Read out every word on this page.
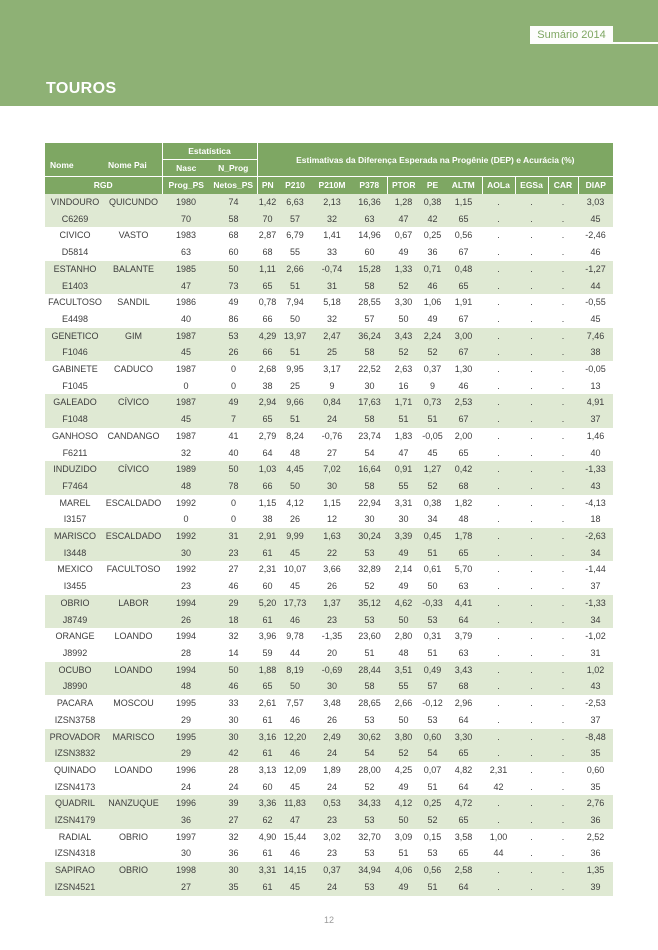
Sumário 2014
TOUROS
Nome Nome Pai		Estatística		Estimativas da Diferença Esperada na Progênie (DEP) e Acurácia (%)										
		Nasc	N_Prog											
RGD		Prog_PS	Netos_PS	PN	P210	P210M	P378	PTOR	PE	ALTM	AOLa	EGSa	CAR	DIAP
VINDOURO	QUICUNDO	1980	74	1,42	6,63	2,13	16,36	1,28	0,38	1,15	.	.	.	3,03
C6269		70	58	70	57	32	63	47	42	65	.	.	.	45
CIVICO	VASTO	1983	68	2,87	6,79	1,41	14,96	0,67	0,25	0,56	.	.	.	-2,46
D5814		63	60	68	55	33	60	49	36	67	.	.	.	46
ESTANHO	BALANTE	1985	50	1,11	2,66	-0,74	15,28	1,33	0,71	0,48	.	.	.	-1,27
E1403		47	73	65	51	31	58	52	46	65	.	.	.	44
FACULTOSO	SANDIL	1986	49	0,78	7,94	5,18	28,55	3,30	1,06	1,91	.	.	.	-0,55
E4498		40	86	66	50	32	57	50	49	67	.	.	.	45
GENETICO	GIM	1987	53	4,29	13,97	2,47	36,24	3,43	2,24	3,00	.	.	.	7,46
F1046		45	26	66	51	25	58	52	52	67	.	.	.	38
GABINETE	CADUCO	1987	0	2,68	9,95	3,17	22,52	2,63	0,37	1,30	.	.	.	-0,05
F1045		0	0	38	25	9	30	16	9	46	.	.	.	13
GALEADO	CÍVICO	1987	49	2,94	9,66	0,84	17,63	1,71	0,73	2,53	.	.	.	4,91
F1048		45	7	65	51	24	58	51	51	67	.	.	.	37
GANHOSO	CANDANGO	1987	41	2,79	8,24	-0,76	23,74	1,83	-0,05	2,00	.	.	.	1,46
F6211		32	40	64	48	27	54	47	45	65	.	.	.	40
INDUZIDO	CÍVICO	1989	50	1,03	4,45	7,02	16,64	0,91	1,27	0,42	.	.	.	-1,33
F7464		48	78	66	50	30	58	55	52	68	.	.	.	43
MAREL	ESCALDADO	1992	0	1,15	4,12	1,15	22,94	3,31	0,38	1,82	.	.	.	-4,13
I3157		0	0	38	26	12	30	30	34	48	.	.	.	18
MARISCO	ESCALDADO	1992	31	2,91	9,99	1,63	30,24	3,39	0,45	1,78	.	.	.	-2,63
I3448		30	23	61	45	22	53	49	51	65	.	.	.	34
MEXICO	FACULTOSO	1992	27	2,31	10,07	3,66	32,89	2,14	0,61	5,70	.	.	.	-1,44
I3455		23	46	60	45	26	52	49	50	63	.	.	.	37
OBRIO	LABOR	1994	29	5,20	17,73	1,37	35,12	4,62	-0,33	4,41	.	.	.	-1,33
J8749		26	18	61	46	23	53	50	53	64	.	.	.	34
ORANGE	LOANDO	1994	32	3,96	9,78	-1,35	23,60	2,80	0,31	3,79	.	.	.	-1,02
J8992		28	14	59	44	20	51	48	51	63	.	.	.	31
OCUBO	LOANDO	1994	50	1,88	8,19	-0,69	28,44	3,51	0,49	3,43	.	.	.	1,02
J8990		48	46	65	50	30	58	55	57	68	.	.	.	43
PACARA	MOSCOU	1995	33	2,61	7,57	3,48	28,65	2,66	-0,12	2,96	.	.	.	-2,53
IZSN3758		29	30	61	46	26	53	50	53	64	.	.	.	37
PROVADOR	MARISCO	1995	30	3,16	12,20	2,49	30,62	3,80	0,60	3,30	.	.	.	-8,48
IZSN3832		29	42	61	46	24	54	52	54	65	.	.	.	35
QUINADO	LOANDO	1996	28	3,13	12,09	1,89	28,00	4,25	0,07	4,82	2,31	.	.	0,60
IZSN4173		24	24	60	45	24	52	49	51	64	42	.	.	35
QUADRIL	NANZUQUE	1996	39	3,36	11,83	0,53	34,33	4,12	0,25	4,72	.	.	.	2,76
IZSN4179		36	27	62	47	23	53	50	52	65	.	.	.	36
RADIAL	OBRIO	1997	32	4,90	15,44	3,02	32,70	3,09	0,15	3,58	1,00	.	.	2,52
IZSN4318		30	36	61	46	23	53	51	53	65	44	.	.	36
SAPIRAO	OBRIO	1998	30	3,31	14,15	0,37	34,94	4,06	0,56	2,58	.	.	.	1,35
IZSN4521		27	35	61	45	24	53	49	51	64	.	.	.	39
12
